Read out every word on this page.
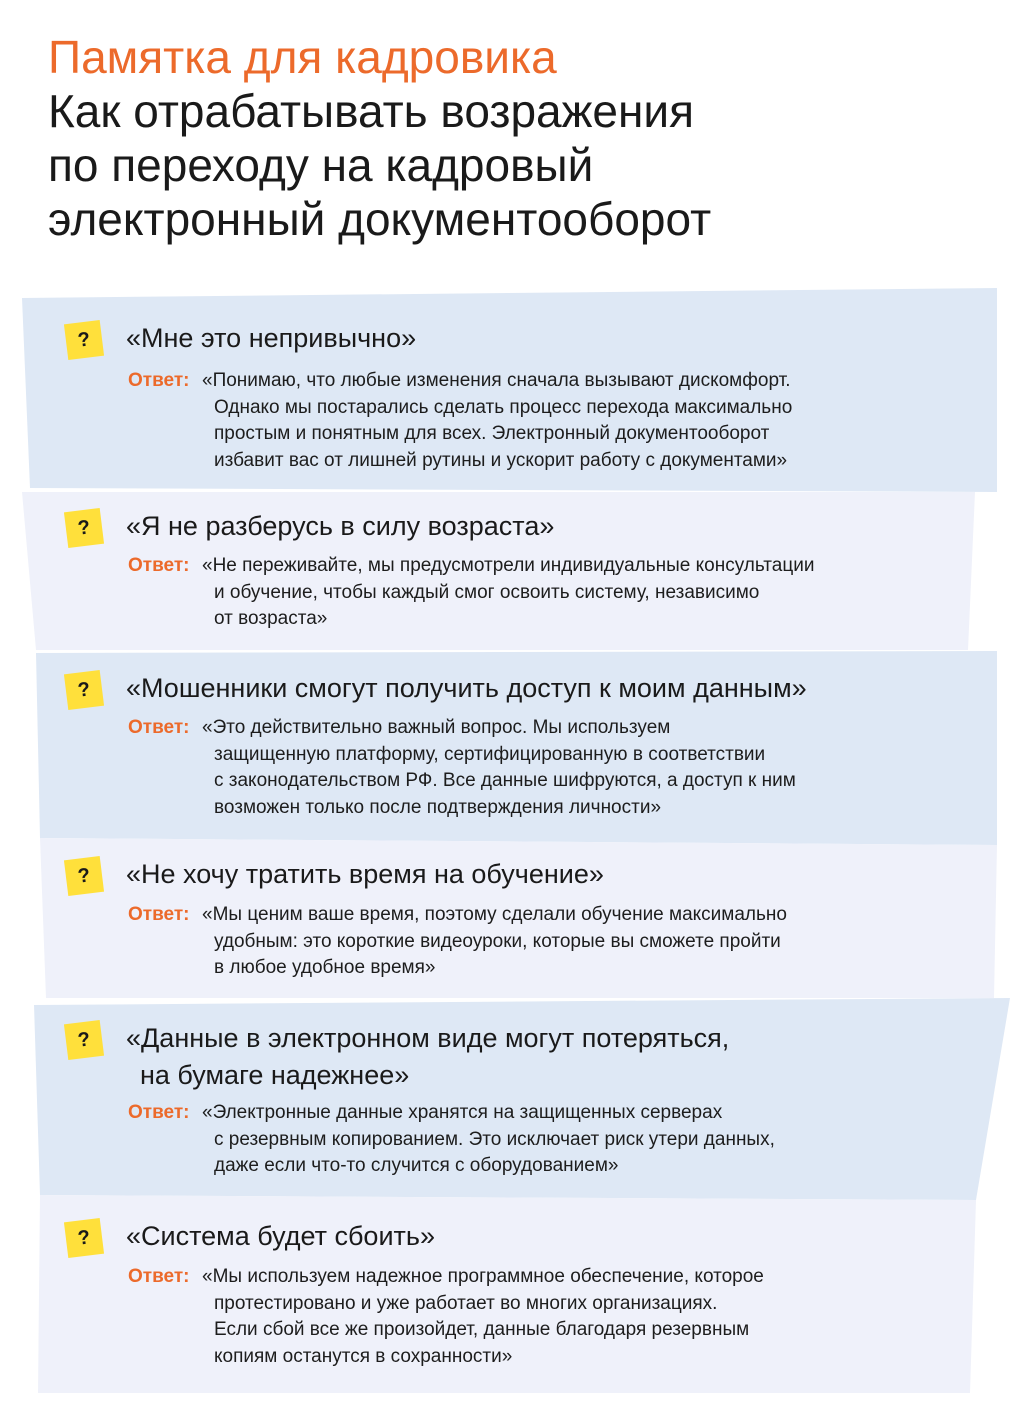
Памятка для кадровика
Как отрабатывать возражения
по переходу на кадровый
электронный документооборот
?	«Мне это непривычно»
Ответ: «Понимаю, что любые изменения сначала вызывают дискомфорт.
Однако мы постарались сделать процесс перехода максимально
простым и понятным для всех. Электронный документооборот
избавит вас от лишней рутины и ускорит работу с документами»
?	«Я не разберусь в силу возраста»
Ответ: «Не переживайте, мы предусмотрели индивидуальные консультации
и обучение, чтобы каждый смог освоить систему, независимо
от возраста»
?	«Мошенники смогут получить доступ к моим данным»
Ответ: «Это действительно важный вопрос. Мы используем
защищенную платформу, сертифицированную в соответствии
с законодательством РФ. Все данные шифруются, а доступ к ним
возможен только после подтверждения личности»
?	«Не хочу тратить время на обучение»
Ответ: «Мы ценим ваше время, поэтому сделали обучение максимально
удобным: это короткие видеоуроки, которые вы сможете пройти
в любое удобное время»
?	«Данные в электронном виде могут потеряться,
на бумаге надежнее»
Ответ: «Электронные данные хранятся на защищенных серверах
с резервным копированием. Это исключает риск утери данных,
даже если что-то случится с оборудованием»
?	«Система будет сбоить»
Ответ: «Мы используем надежное программное обеспечение, которое
протестировано и уже работает во многих организациях.
Если сбой все же произойдет, данные благодаря резервным
копиям останутся в сохранности»
